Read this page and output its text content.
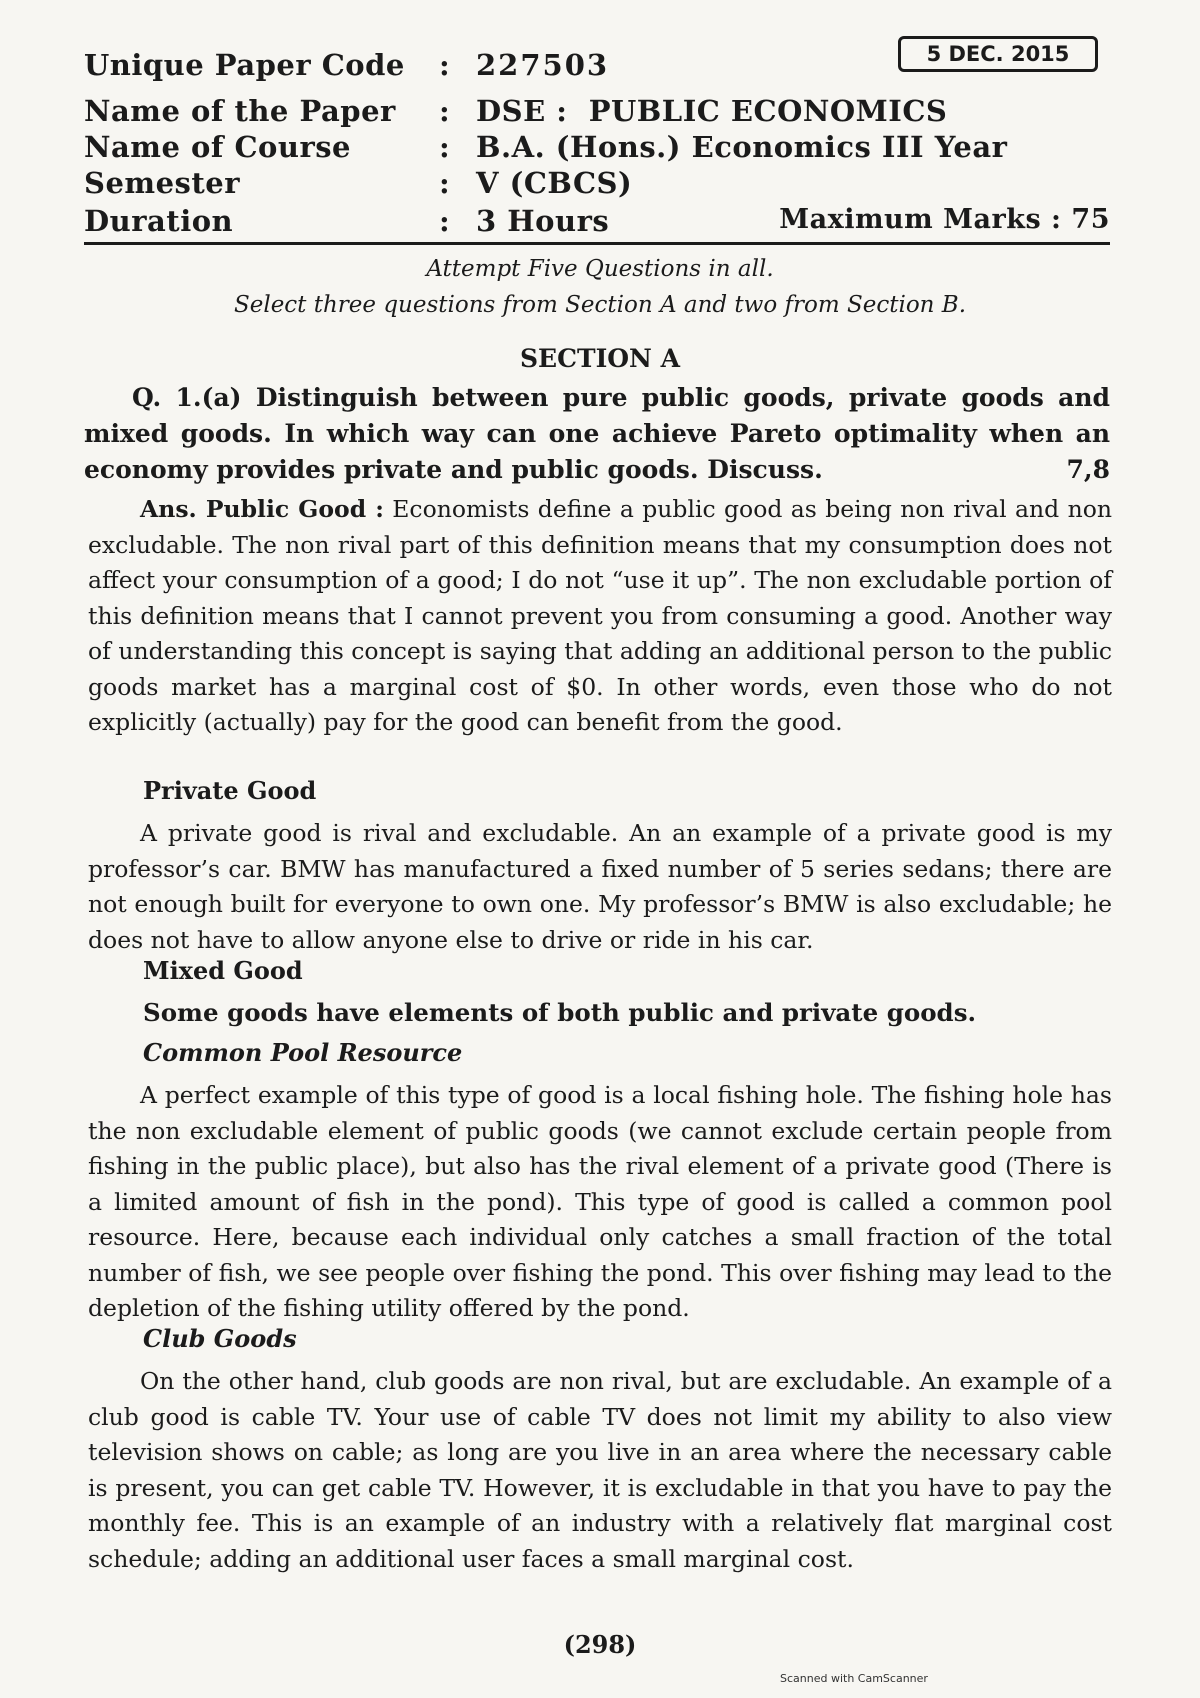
Unique Paper Code : 227503	5 DEC. 2015
Name of the Paper : DSE :  PUBLIC ECONOMICS
Name of Course	: B.A. (Hons.) Economics III Year
Semester	: V (CBCS)
Duration	: 3 Hours	Maximum Marks : 75
Attempt Five Questions in all.
Select three questions from Section A and two from Section B.
SECTION A
Q. 1.(a) Distinguish between pure public goods, private goods and mixed goods. In which way can one achieve Pareto optimality when an economy provides private and public goods. Discuss.	7,8
Ans. Public Good : Economists define a public good as being non rival and non excludable. The non rival part of this definition means that my consumption does not affect your consumption of a good; I do not “use it up”. The non excludable portion of this definition means that I cannot prevent you from consuming a good. Another way of understanding this concept is saying that adding an additional person to the public goods market has a marginal cost of $0. In other words, even those who do not explicitly (actually) pay for the good can benefit from the good.
Private Good
A private good is rival and excludable. An an example of a private good is my professor’s car. BMW has manufactured a fixed number of 5 series sedans; there are not enough built for everyone to own one. My professor’s BMW is also excludable; he does not have to allow anyone else to drive or ride in his car.
Mixed Good
Some goods have elements of both public and private goods.
Common Pool Resource
A perfect example of this type of good is a local fishing hole. The fishing hole has the non excludable element of public goods (we cannot exclude certain people from fishing in the public place), but also has the rival element of a private good (There is a limited amount of fish in the pond). This type of good is called a common pool resource. Here, because each individual only catches a small fraction of the total number of fish, we see people over fishing the pond. This over fishing may lead to the depletion of the fishing utility offered by the pond.
Club Goods
On the other hand, club goods are non rival, but are excludable. An example of a club good is cable TV. Your use of cable TV does not limit my ability to also view television shows on cable; as long are you live in an area where the necessary cable is present, you can get cable TV. However, it is excludable in that you have to pay the monthly fee. This is an example of an industry with a relatively flat marginal cost schedule; adding an additional user faces a small marginal cost.
(298)
Scanned with CamScanner
